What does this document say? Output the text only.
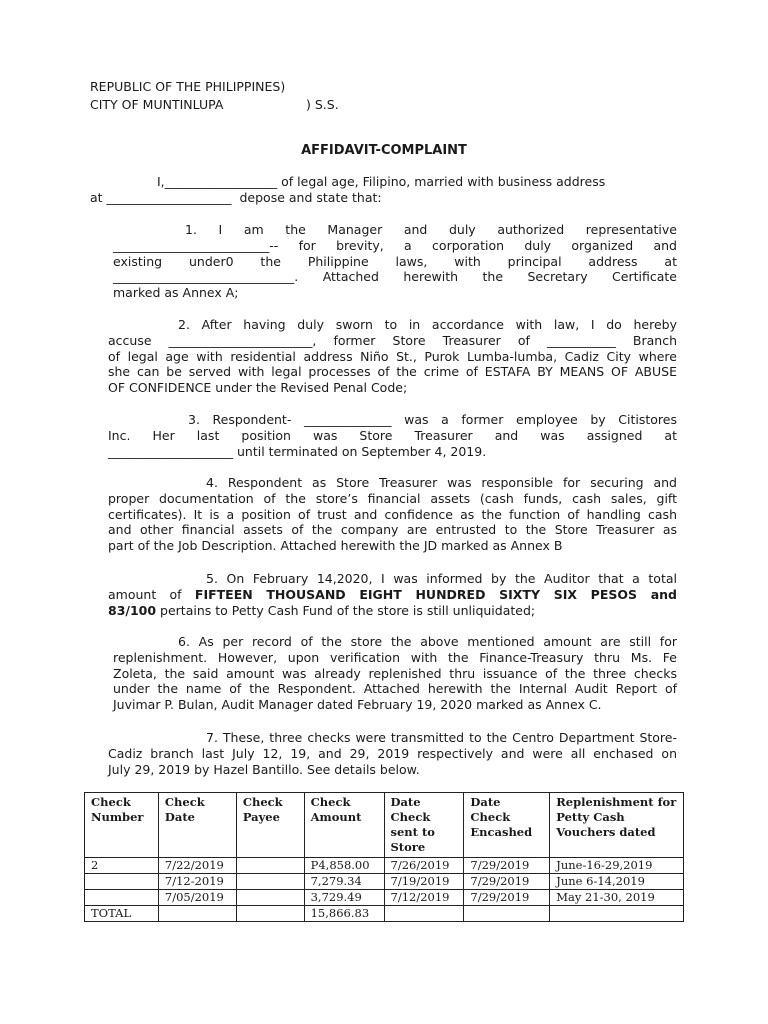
REPUBLIC OF THE PHILIPPINES)
CITY OF MUNTINLUPA	) S.S.
AFFIDAVIT-COMPLAINT
I,__________________ of legal age, Filipino, married with business address
at ____________________ depose and state that:
1. I am the Manager and duly authorized representative
_________________________-- for brevity, a corporation duly organized and
existing under0 the Philippine laws, with principal address at
_____________________________. Attached herewith the Secretary Certificate
marked as Annex A;
2. After having duly sworn to in accordance with law, I do hereby
accuse _______________________, former Store Treasurer of ___________ Branch
of legal age with residential address Niño St., Purok Lumba-lumba, Cadiz City where
she can be served with legal processes of the crime of ESTAFA BY MEANS OF ABUSE
OF CONFIDENCE under the Revised Penal Code;
3. Respondent- ______________ was a former employee by Citistores
Inc. Her last position was Store Treasurer and was assigned at
____________________ until terminated on September 4, 2019.
4. Respondent as Store Treasurer was responsible for securing and
proper documentation of the store’s financial assets (cash funds, cash sales, gift
certificates). It is a position of trust and confidence as the function of handling cash
and other financial assets of the company are entrusted to the Store Treasurer as
part of the Job Description. Attached herewith the JD marked as Annex B
5. On February 14,2020, I was informed by the Auditor that a total
amount of FIFTEEN THOUSAND EIGHT HUNDRED SIXTY SIX PESOS and
83/100 pertains to Petty Cash Fund of the store is still unliquidated;
6. As per record of the store the above mentioned amount are still for
replenishment. However, upon verification with the Finance-Treasury thru Ms. Fe
Zoleta, the said amount was already replenished thru issuance of the three checks
under the name of the Respondent. Attached herewith the Internal Audit Report of
Juvimar P. Bulan, Audit Manager dated February 19, 2020 marked as Annex C.
7. These, three checks were transmitted to the Centro Department Store-
Cadiz branch last July 12, 19, and 29, 2019 respectively and were all enchased on
July 29, 2019 by Hazel Bantillo. See details below.
Check Number	Check Date	Check Payee	Check Amount	Date Check sent to Store	Date Check Encashed	Replenishment for Petty Cash Vouchers dated
2	7/22/2019		P4,858.00	7/26/2019	7/29/2019	June-16-29,2019
	7/12-2019		7,279.34	7/19/2019	7/29/2019	June 6-14,2019
	7/05/2019		3,729.49	7/12/2019	7/29/2019	May 21-30, 2019
TOTAL			15,866.83			
